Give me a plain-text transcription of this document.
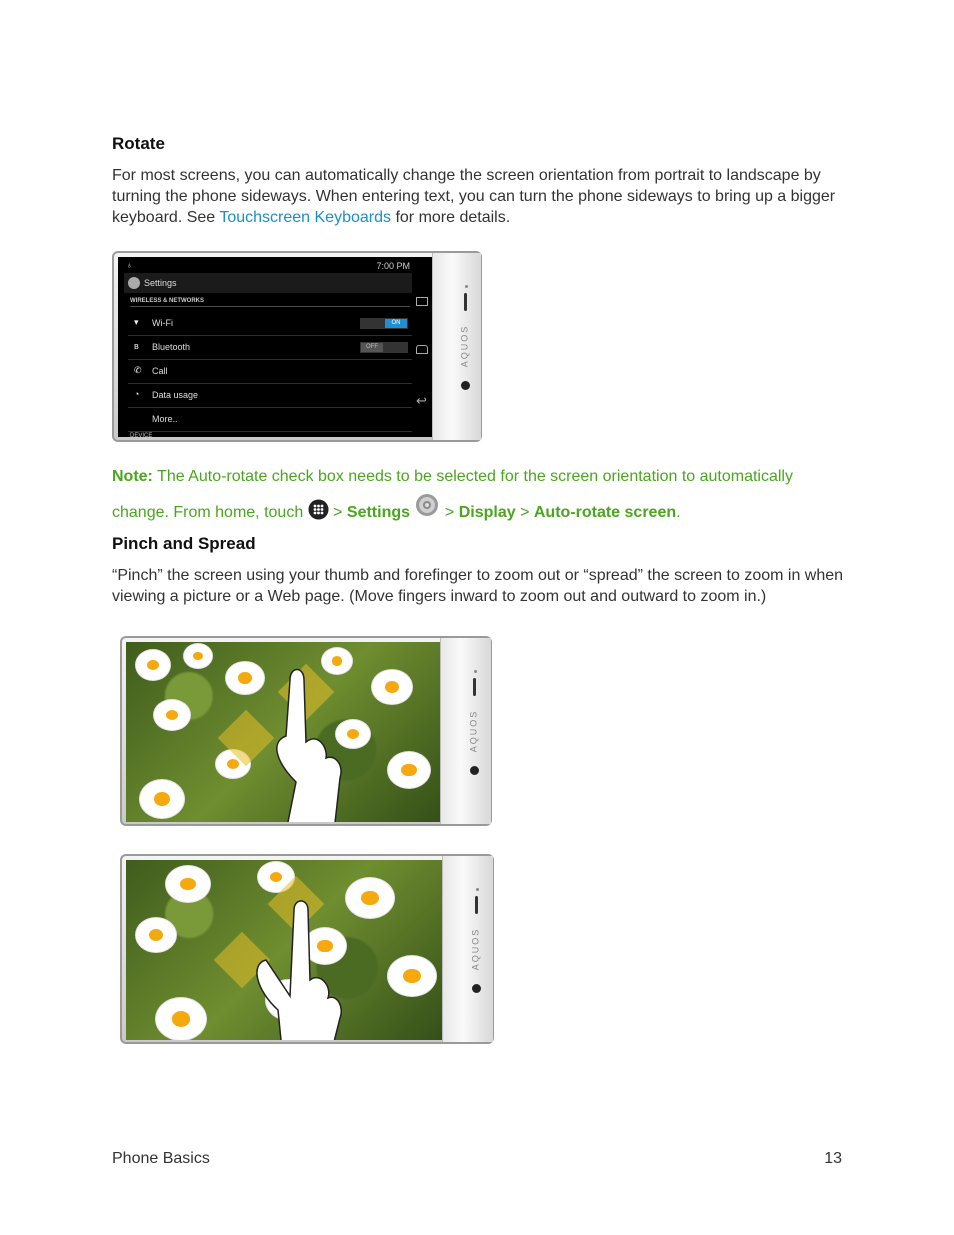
Rotate

For most screens, you can automatically change the screen orientation from portrait to landscape by turning the phone sideways. When entering text, you can turn the phone sideways to bring up a bigger keyboard. See Touchscreen Keyboards for more details.

♁	7:00 PM
Settings
WIRELESS & NETWORKS
▾	Wi-Fi	ON
ʙ	Bluetooth	OFF
✆ Call
◔	Data usage
More..
DEVICE
↩
AQUOS

Note: The Auto-rotate check box needs to be selected for the screen orientation to automatically change. From home, touch  > Settings  > Display > Auto-rotate screen.

Pinch and Spread

“Pinch” the screen using your thumb and forefinger to zoom out or “spread” the screen to zoom in when viewing a picture or a Web page. (Move fingers inward to zoom out and outward to zoom in.)

AQUOS
AQUOS
Phone Basics	13
